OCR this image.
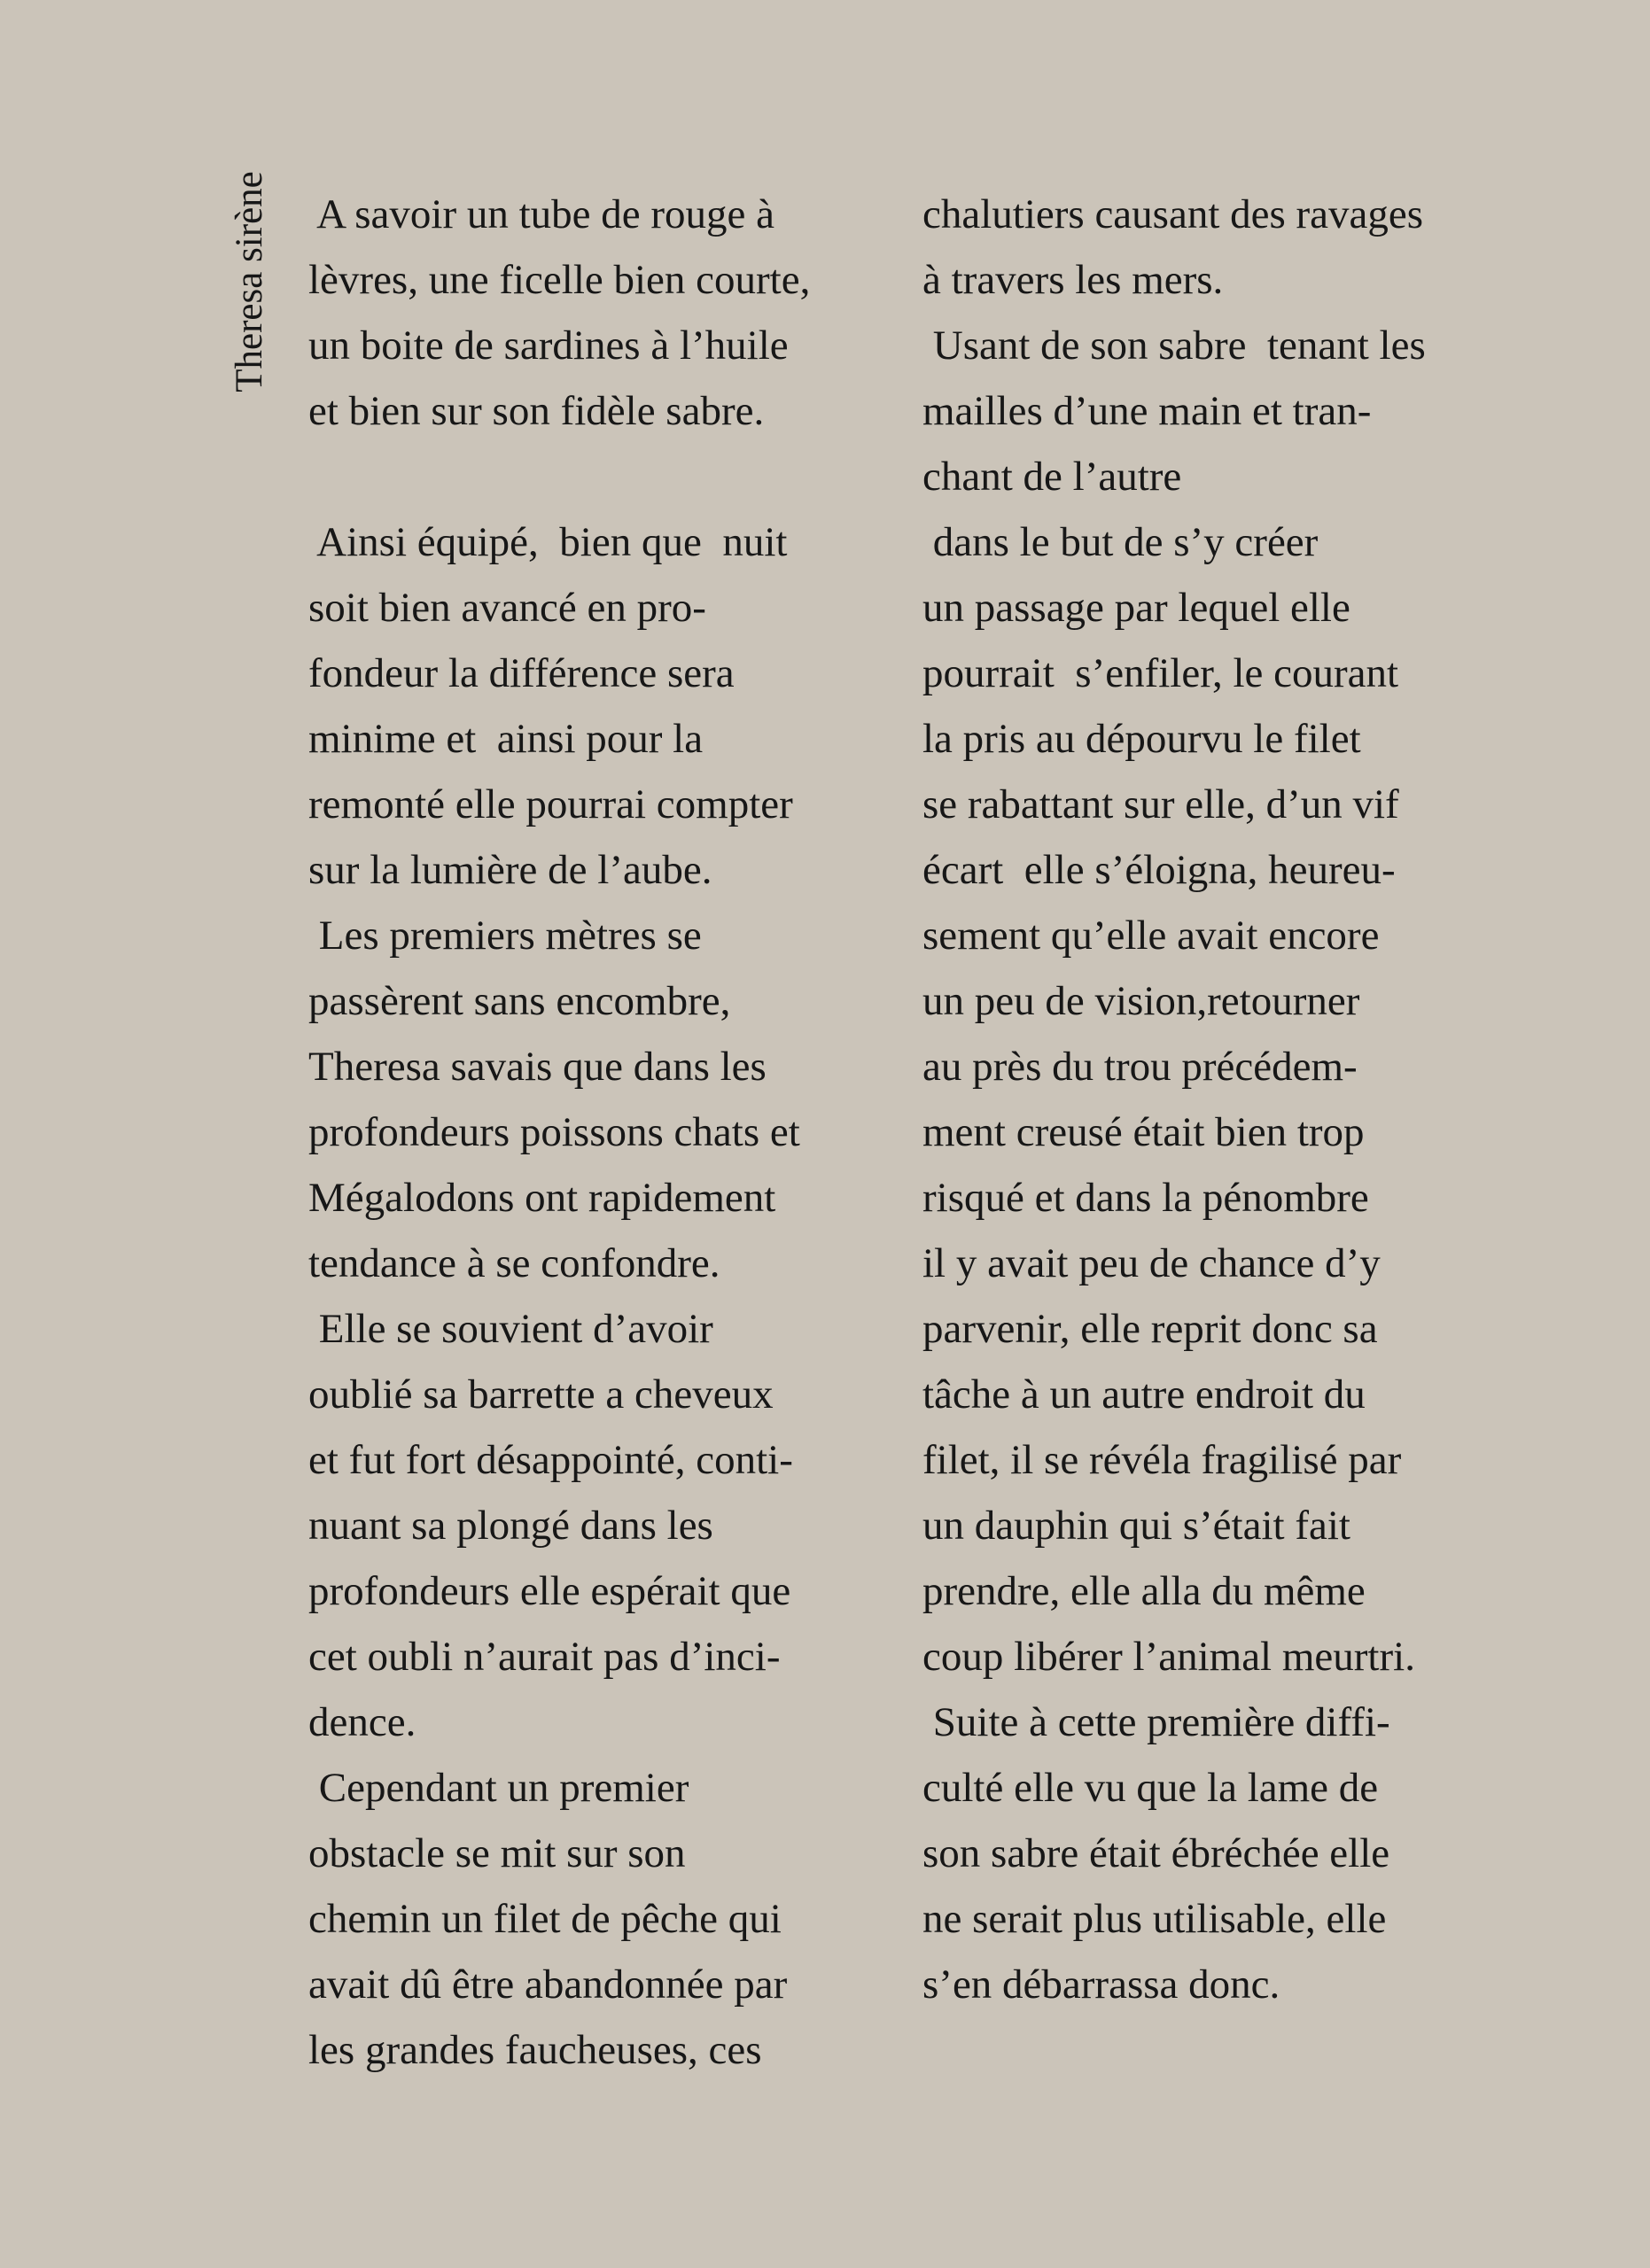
Theresa sirène A savoir un tube de rouge à
lèvres, une ficelle bien courte,
un boite de sardines à l’huile
et bien sur son fidèle sabre.
Ainsi équipé,  bien que  nuit
soit bien avancé en pro-
fondeur la différence sera
minime et  ainsi pour la
remonté elle pourrai compter
sur la lumière de l’aube.
Les premiers mètres se
passèrent sans encombre,
Theresa savais que dans les
profondeurs poissons chats et
Mégalodons ont rapidement
tendance à se confondre.
Elle se souvient d’avoir
oublié sa barrette a cheveux
et fut fort désappointé, conti-
nuant sa plongé dans les
profondeurs elle espérait que
cet oubli n’aurait pas d’inci-
dence.
Cependant un premier
obstacle se mit sur son
chemin un filet de pêche qui
avait dû être abandonnée par
les grandes faucheuses, ces
chalutiers causant des ravages
à travers les mers.
Usant de son sabre  tenant les
mailles d’une main et tran-
chant de l’autre
dans le but de s’y créer
un passage par lequel elle
pourrait  s’enfiler, le courant
la pris au dépourvu le filet
se rabattant sur elle, d’un vif
écart  elle s’éloigna, heureu-
sement qu’elle avait encore
un peu de vision,retourner
au près du trou précédem-
ment creusé était bien trop
risqué et dans la pénombre
il y avait peu de chance d’y
parvenir, elle reprit donc sa
tâche à un autre endroit du
filet, il se révéla fragilisé par
un dauphin qui s’était fait
prendre, elle alla du même
coup libérer l’animal meurtri.
Suite à cette première diffi-
culté elle vu que la lame de
son sabre était ébréchée elle
ne serait plus utilisable, elle
s’en débarrassa donc.
